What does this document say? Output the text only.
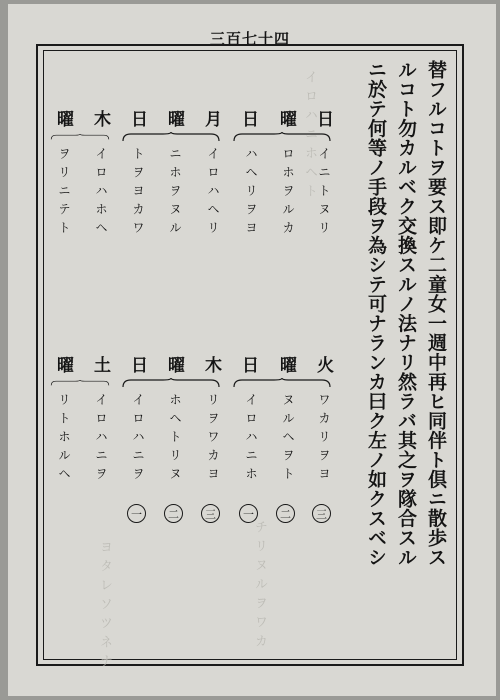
三百七十四
イロハニホヘト
チリヌルヲワカ
ヨタレソツネナ
替フルコトヲ要ス即ケ二童女一週中再ヒ同伴ト倶ニ散歩ス
ルコト勿カルベク交換スルノ法ナリ然ラバ其之ヲ隊合スル
ニ於テ何等ノ手段ヲ為シテ可ナランカ曰ク左ノ如クスベシ
日
曜
日
月
曜
日
木
曜
イニトヌリ
ロホヲルカ
ハヘリヲヨ
イロハヘリ
ニホヲヌル
トヲヨカワ
イロハホヘ
ヲリニテト
火
曜
日
木
曜
日
土
曜
ワカリヲヨ
ヌルヘヲト
イロハニホ
リヲワカヨ
ホヘトリヌ
イロハニヲ
イロハニヲ
リトホルヘ
三
二
一
三
二
一
